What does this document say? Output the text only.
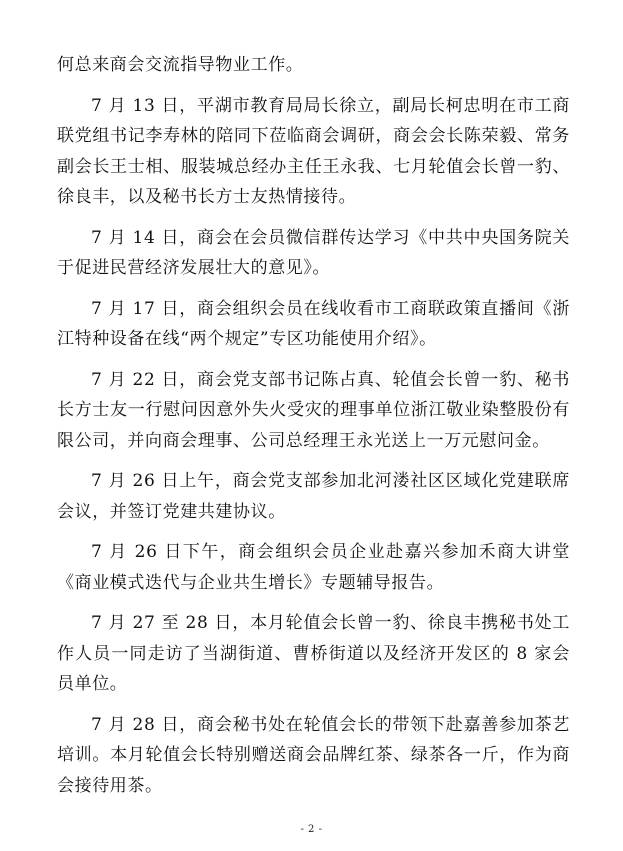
何总来商会交流指导物业工作。

7 月 13 日，平湖市教育局局长徐立，副局长柯忠明在市工商联党组书记李寿林的陪同下莅临商会调研，商会会长陈荣毅、常务副会长王士相、服装城总经办主任王永我、七月轮值会长曾一豹、徐良丰，以及秘书长方士友热情接待。

7 月 14 日，商会在会员微信群传达学习《中共中央国务院关于促进民营经济发展壮大的意见》。

7 月 17 日，商会组织会员在线收看市工商联政策直播间《浙江特种设备在线“两个规定”专区功能使用介绍》。

7 月 22 日，商会党支部书记陈占真、轮值会长曾一豹、秘书长方士友一行慰问因意外失火受灾的理事单位浙江敬业染整股份有限公司，并向商会理事、公司总经理王永光送上一万元慰问金。

7 月 26 日上午，商会党支部参加北河溇社区区域化党建联席会议，并签订党建共建协议。

7 月 26 日下午，商会组织会员企业赴嘉兴参加禾商大讲堂《商业模式迭代与企业共生增长》专题辅导报告。

7 月 27 至 28 日，本月轮值会长曾一豹、徐良丰携秘书处工作人员一同走访了当湖街道、曹桥街道以及经济开发区的 8 家会员单位。

7 月 28 日，商会秘书处在轮值会长的带领下赴嘉善参加茶艺培训。本月轮值会长特别赠送商会品牌红茶、绿茶各一斤，作为商会接待用茶。

- 2 -
